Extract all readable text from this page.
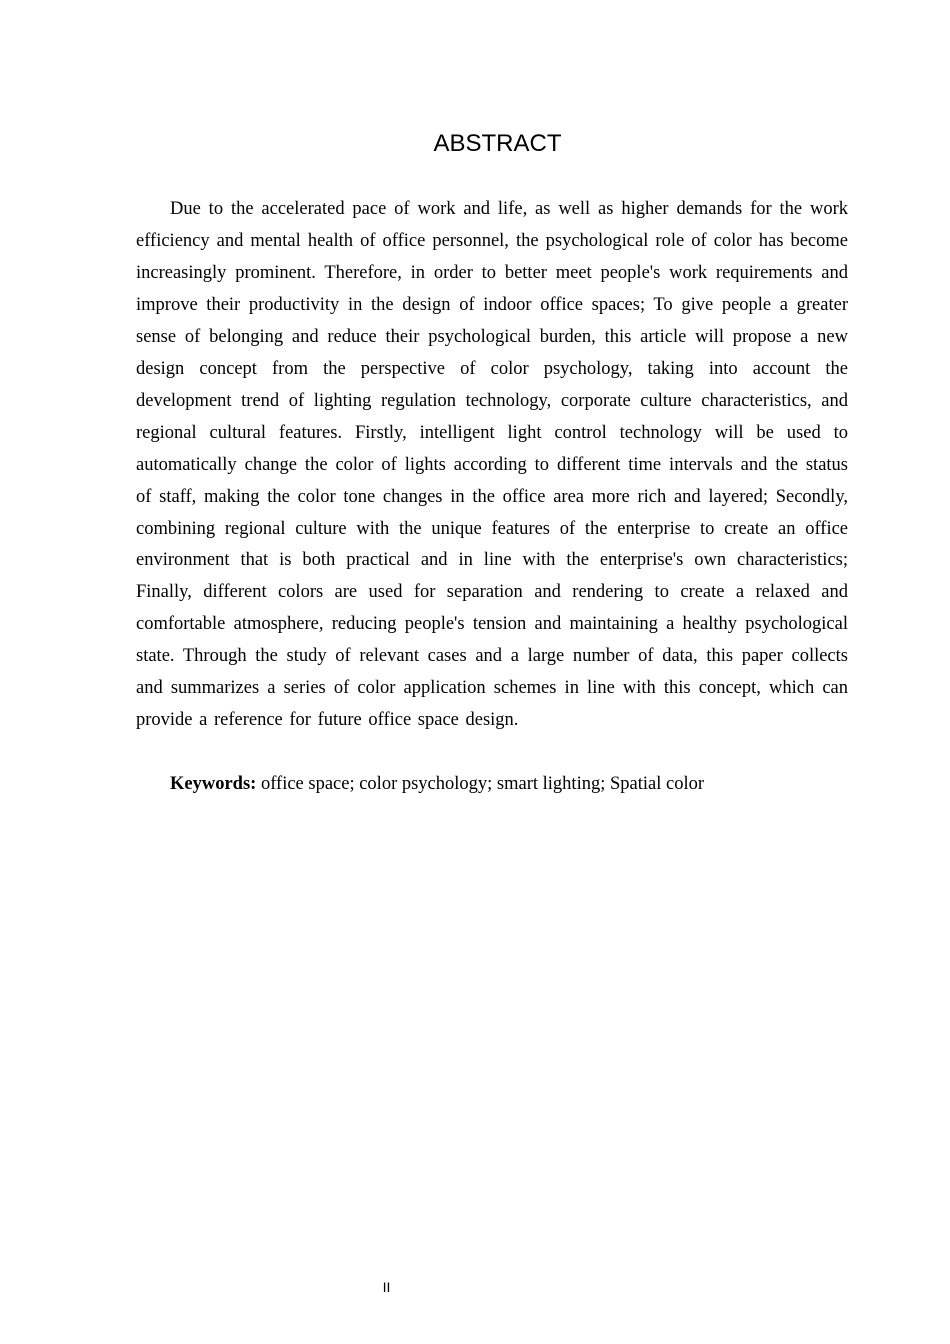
ABSTRACT

Due to the accelerated pace of work and life, as well as higher demands for the work efficiency and mental health of office personnel, the psychological role of color has become increasingly prominent. Therefore, in order to better meet people's work requirements and improve their productivity in the design of indoor office spaces; To give people a greater sense of belonging and reduce their psychological burden, this article will propose a new design concept from the perspective of color psychology, taking into account the development trend of lighting regulation technology, corporate culture characteristics, and regional cultural features. Firstly, intelligent light control technology will be used to automatically change the color of lights according to different time intervals and the status of staff, making the color tone changes in the office area more rich and layered; Secondly, combining regional culture with the unique features of the enterprise to create an office environment that is both practical and in line with the enterprise's own characteristics; Finally, different colors are used for separation and rendering to create a relaxed and comfortable atmosphere, reducing people's tension and maintaining a healthy psychological state. Through the study of relevant cases and a large number of data, this paper collects and summarizes a series of color application schemes in line with this concept, which can provide a reference for future office space design.

Keywords: office space; color psychology; smart lighting; Spatial color

II
